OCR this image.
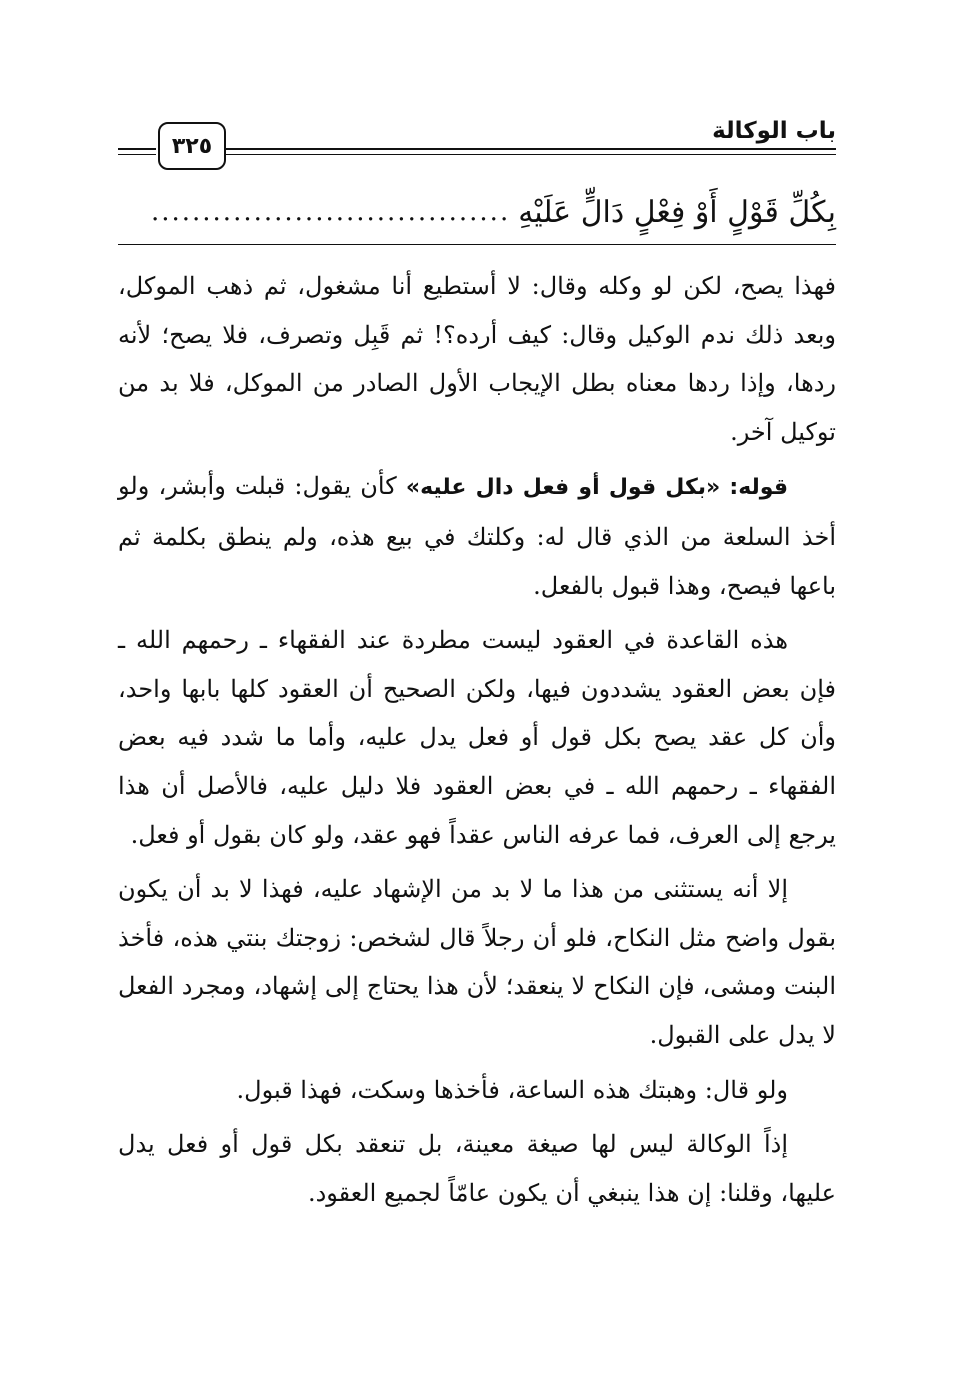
باب الوكالة
٣٢٥
بِكُلِّ قَوْلٍ أَوْ فِعْلٍ دَالٍّ عَلَيْهِ
...................................

فهذا يصح، لكن لو وكله وقال: لا أستطيع أنا مشغول، ثم ذهب الموكل، وبعد ذلك ندم الوكيل وقال: كيف أرده؟! ثم قَبِل وتصرف، فلا يصح؛ لأنه ردها، وإذا ردها معناه بطل الإيجاب الأول الصادر من الموكل، فلا بد من توكيل آخر.

قوله: «بكل قول أو فعل دال عليه» كأن يقول: قبلت وأبشر، ولو أخذ السلعة من الذي قال له: وكلتك في بيع هذه، ولم ينطق بكلمة ثم باعها فيصح، وهذا قبول بالفعل.

هذه القاعدة في العقود ليست مطردة عند الفقهاء ـ رحمهم الله ـ فإن بعض العقود يشددون فيها، ولكن الصحيح أن العقود كلها بابها واحد، وأن كل عقد يصح بكل قول أو فعل يدل عليه، وأما ما شدد فيه بعض الفقهاء ـ رحمهم الله ـ في بعض العقود فلا دليل عليه، فالأصل أن هذا يرجع إلى العرف، فما عرفه الناس عقداً فهو عقد، ولو كان بقول أو فعل.

إلا أنه يستثنى من هذا ما لا بد من الإشهاد عليه، فهذا لا بد أن يكون بقول واضح مثل النكاح، فلو أن رجلاً قال لشخص: زوجتك بنتي هذه، فأخذ البنت ومشى، فإن النكاح لا ينعقد؛ لأن هذا يحتاج إلى إشهاد، ومجرد الفعل لا يدل على القبول.

ولو قال: وهبتك هذه الساعة، فأخذها وسكت، فهذا قبول.

إذاً الوكالة ليس لها صيغة معينة، بل تنعقد بكل قول أو فعل يدل عليها، وقلنا: إن هذا ينبغي أن يكون عامّاً لجميع العقود.
